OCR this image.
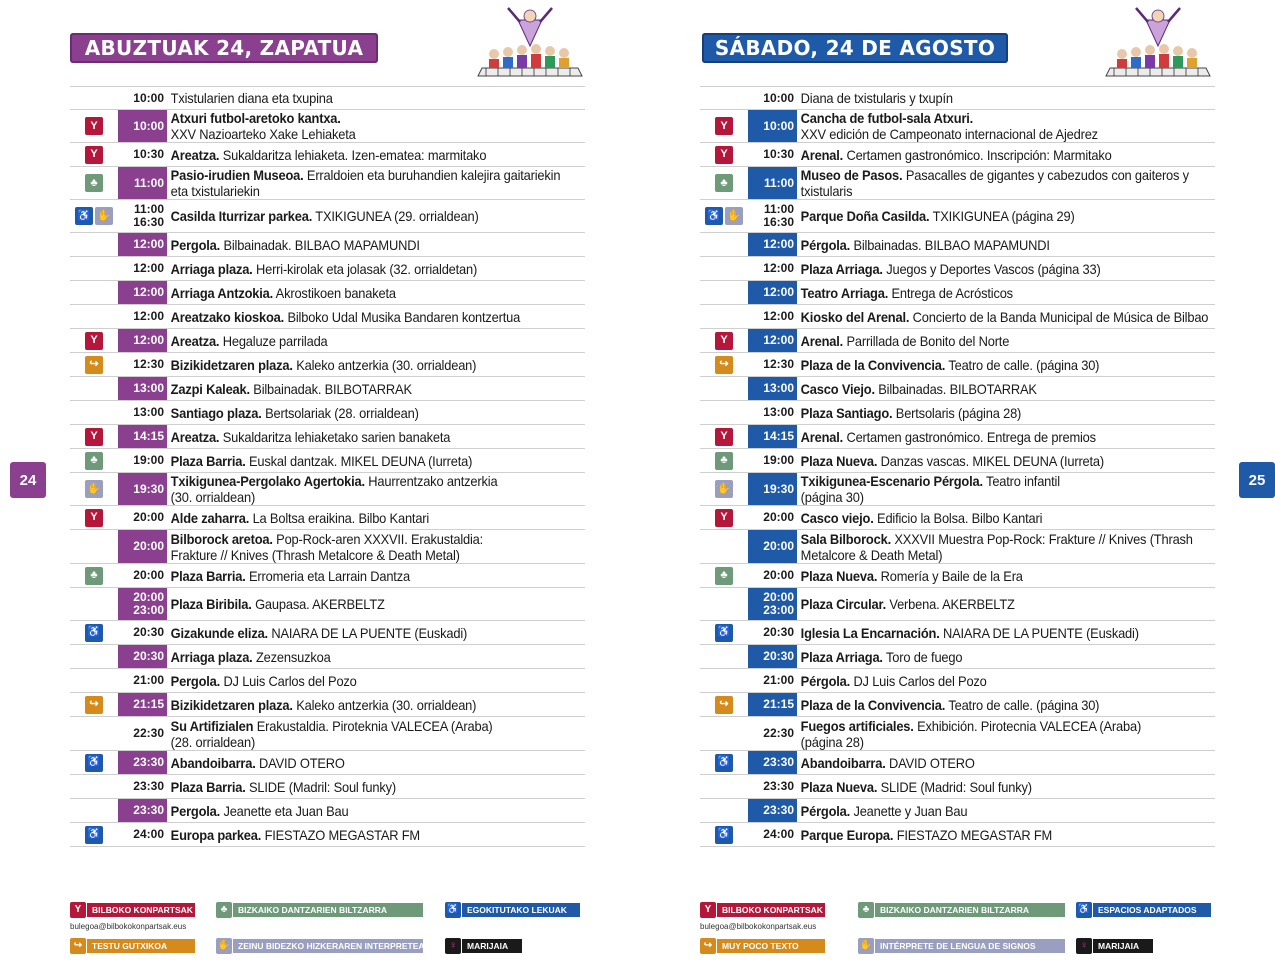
ABUZTUAK 24, ZAPATUA
10:00 Txistularien diana eta txupina
Y	10:00 Atxuri futbol-aretoko kantxa.
XXV Nazioarteko Xake Lehiaketa
Y	10:30 Areatza. Sukaldaritza lehiaketa. Izen-ematea: marmitako
♣	11:00 Pasio-irudien Museoa. Erraldoien eta buruhandien kalejira gaitariekin
eta txistulariekin
♿ ✋ 11:00
16:30 Casilda Iturrizar parkea. TXIKIGUNEA (29. orrialdean)
12:00 Pergola. Bilbainadak. BILBAO MAPAMUNDI
12:00 Arriaga plaza. Herri-kirolak eta jolasak (32. orrialdetan)
12:00 Arriaga Antzokia. Akrostikoen banaketa
12:00 Areatzako kioskoa. Bilboko Udal Musika Bandaren kontzertua
Y	12:00 Areatza. Hegaluze parrilada
↪	12:30 Bizikidetzaren plaza. Kaleko antzerkia (30. orrialdean)
13:00 Zazpi Kaleak. Bilbainadak. BILBOTARRAK
13:00 Santiago plaza. Bertsolariak (28. orrialdean)
Y	14:15 Areatza. Sukaldaritza lehiaketako sarien banaketa
♣	19:00 Plaza Barria. Euskal dantzak. MIKEL DEUNA (Iurreta)
✋	19:30 Txikigunea-Pergolako Agertokia. Haurrentzako antzerkia
(30. orrialdean)
Y	20:00 Alde zaharra. La Boltsa eraikina. Bilbo Kantari
20:00 Bilborock aretoa. Pop-Rock-aren XXXVII. Erakustaldia:
Frakture // Knives (Thrash Metalcore & Death Metal)
♣	20:00 Plaza Barria. Erromeria eta Larrain Dantza
20:00
23:00 Plaza Biribila. Gaupasa. AKERBELTZ
♿	20:30 Gizakunde eliza. NAIARA DE LA PUENTE (Euskadi)
20:30 Arriaga plaza. Zezensuzkoa
21:00 Pergola. DJ Luis Carlos del Pozo
↪	21:15 Bizikidetzaren plaza. Kaleko antzerkia (30. orrialdean)
22:30 Su Artifizialen Erakustaldia. Piroteknia VALECEA (Araba)
(28. orrialdean)
♿	23:30 Abandoibarra. DAVID OTERO
23:30 Plaza Barria. SLIDE (Madril: Soul funky)
23:30 Pergola. Jeanette eta Juan Bau
♿	24:00 Europa parkea. FIESTAZO MEGASTAR FM
Y	BILBOKO KONPARTSAK
bulegoa@bilbokokonpartsak.eus
♣	BIZKAIKO DANTZARIEN BILTZARRA	♿ EGOKITUTAKO LEKUAK
↪	TESTU GUTXIKOA	✋ ZEINU BIDEZKO HIZKERAREN INTERPRETEA	♀	MARIJAIA
SÁBADO, 24 DE AGOSTO
10:00 Diana de txistularis y txupín
Y	10:00 Cancha de futbol-sala Atxuri.
XXV edición de Campeonato internacional de Ajedrez
Y	10:30 Arenal. Certamen gastronómico. Inscripción: Marmitako
♣	11:00 Museo de Pasos. Pasacalles de gigantes y cabezudos con gaiteros y
txistularis
♿ ✋ 11:00
16:30 Parque Doña Casilda. TXIKIGUNEA (página 29)
12:00 Pérgola. Bilbainadas. BILBAO MAPAMUNDI
12:00 Plaza Arriaga. Juegos y Deportes Vascos (página 33)
12:00 Teatro Arriaga. Entrega de Acrósticos
12:00 Kiosko del Arenal. Concierto de la Banda Municipal de Música de Bilbao
Y	12:00 Arenal. Parrillada de Bonito del Norte
↪	12:30 Plaza de la Convivencia. Teatro de calle. (página 30)
13:00 Casco Viejo. Bilbainadas. BILBOTARRAK
13:00 Plaza Santiago. Bertsolaris (página 28)
Y	14:15 Arenal. Certamen gastronómico. Entrega de premios
♣	19:00 Plaza Nueva. Danzas vascas. MIKEL DEUNA (Iurreta)
✋	19:30 Txikigunea-Escenario Pérgola. Teatro infantil
(página 30)
Y	20:00 Casco viejo. Edificio la Bolsa. Bilbo Kantari
20:00 Sala Bilborock. XXXVII Muestra Pop-Rock: Frakture // Knives (Thrash
Metalcore & Death Metal)
♣	20:00 Plaza Nueva. Romería y Baile de la Era
20:00
23:00 Plaza Circular. Verbena. AKERBELTZ
♿	20:30 Iglesia La Encarnación. NAIARA DE LA PUENTE (Euskadi)
20:30 Plaza Arriaga. Toro de fuego
21:00 Pérgola. DJ Luis Carlos del Pozo
↪	21:15 Plaza de la Convivencia. Teatro de calle. (página 30)
22:30 Fuegos artificiales. Exhibición. Pirotecnia VALECEA (Araba)
(página 28)
♿	23:30 Abandoibarra. DAVID OTERO
23:30 Plaza Nueva. SLIDE (Madrid: Soul funky)
23:30 Pérgola. Jeanette y Juan Bau
♿	24:00 Parque Europa. FIESTAZO MEGASTAR FM
Y	BILBOKO KONPARTSAK
bulegoa@bilbokokonpartsak.eus
♣	BIZKAIKO DANTZARIEN BILTZARRA	♿ ESPACIOS ADAPTADOS
↪	MUY POCO TEXTO	✋ INTÉRPRETE DE LENGUA DE SIGNOS	♀	MARIJAIA
24	25
